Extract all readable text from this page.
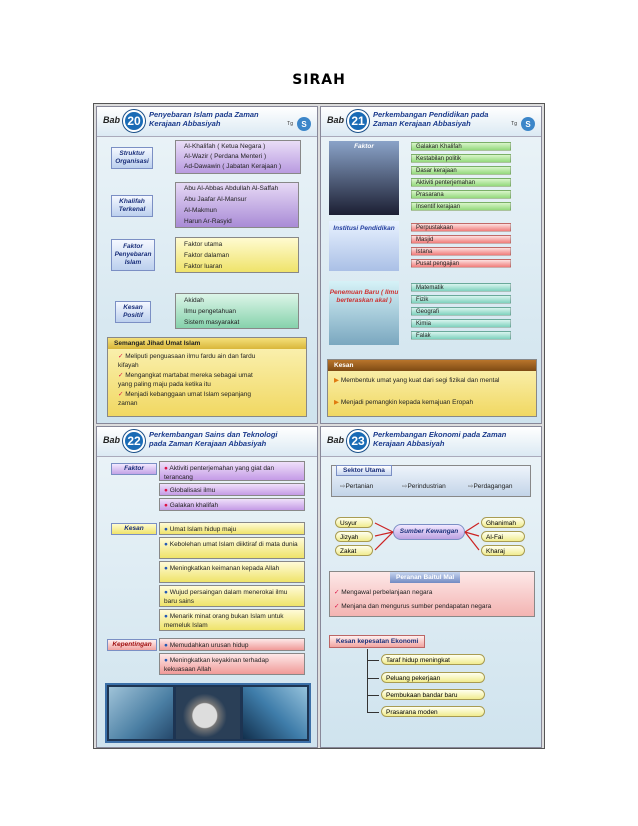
SIRAH
Bab 20	Penyebaran Islam pada Zaman Kerajaan Abbasiyah	Tg	S
Struktur Organisasi
Al-Khalifah ( Ketua Negara )
Al-Wazir ( Perdana Menteri )
Ad-Dawawin ( Jabatan Kerajaan )
Khalifah Terkenal
Abu Al-Abbas Abdullah Al-Saffah
Abu Jaafar Al-Mansur
Al-Makmun
Harun Ar-Rasyid
Faktor Penyebaran Islam
Faktor utama
Faktor dalaman
Faktor luaran
Kesan Positif
Akidah
Ilmu pengetahuan
Sistem masyarakat
Semangat Jihad Umat Islam
✓ Meliputi penguasaan ilmu fardu ain dan fardu kifayah
✓ Mengangkat martabat mereka sebagai umat yang paling maju pada ketika itu
✓ Menjadi kebanggaan umat Islam sepanjang zaman
Bab 21	Perkembangan Pendidikan pada Zaman Kerajaan Abbasiyah	Tg	S
Faktor	Galakan Khalifah
Kestabilan politik
Dasar kerajaan
Aktiviti penterjemahan
Prasarana
Insentif kerajaan
Institusi Pendidikan	Perpustakaan
Masjid
Istana
Pusat pengajian
Penemuan Baru ( Ilmu berteraskan akal )
Matematik
Fizik
Geografi
Kimia
Falak
Kesan
▶ Membentuk umat yang kuat dari segi fizikal dan mental
▶ Menjadi pemangkin kepada kemajuan Eropah
Bab 22	Perkembangan Sains dan Teknologi pada Zaman Kerajaan Abbasiyah
Faktor	● Aktiviti penterjemahan yang giat dan terancang
● Globalisasi ilmu
● Galakan khalifah
Kesan	● Umat Islam hidup maju
● Kebolehan umat Islam diiktiraf di mata dunia
● Meningkatkan keimanan kepada Allah
● Wujud persaingan dalam menerokai ilmu baru sains
● Menarik minat orang bukan Islam untuk memeluk Islam
Kepentingan	● Memudahkan urusan hidup
● Meningkatkan keyakinan terhadap kekuasaan Allah
Bab 23	Perkembangan Ekonomi pada Zaman Kerajaan Abbasiyah
Sektor Utama
⇨Pertanian	⇨Perindustrian	⇨Perdagangan
Usyur
Jizyah
Zakat
Sumber Kewangan
Ghanimah
Al-Fai
Kharaj
Peranan Baitul Mal
✓ Mengawal perbelanjaan negara
✓ Menjana dan mengurus sumber pendapatan negara
Kesan kepesatan Ekonomi
Taraf hidup meningkat
Peluang pekerjaan
Pembukaan bandar baru
Prasarana moden
